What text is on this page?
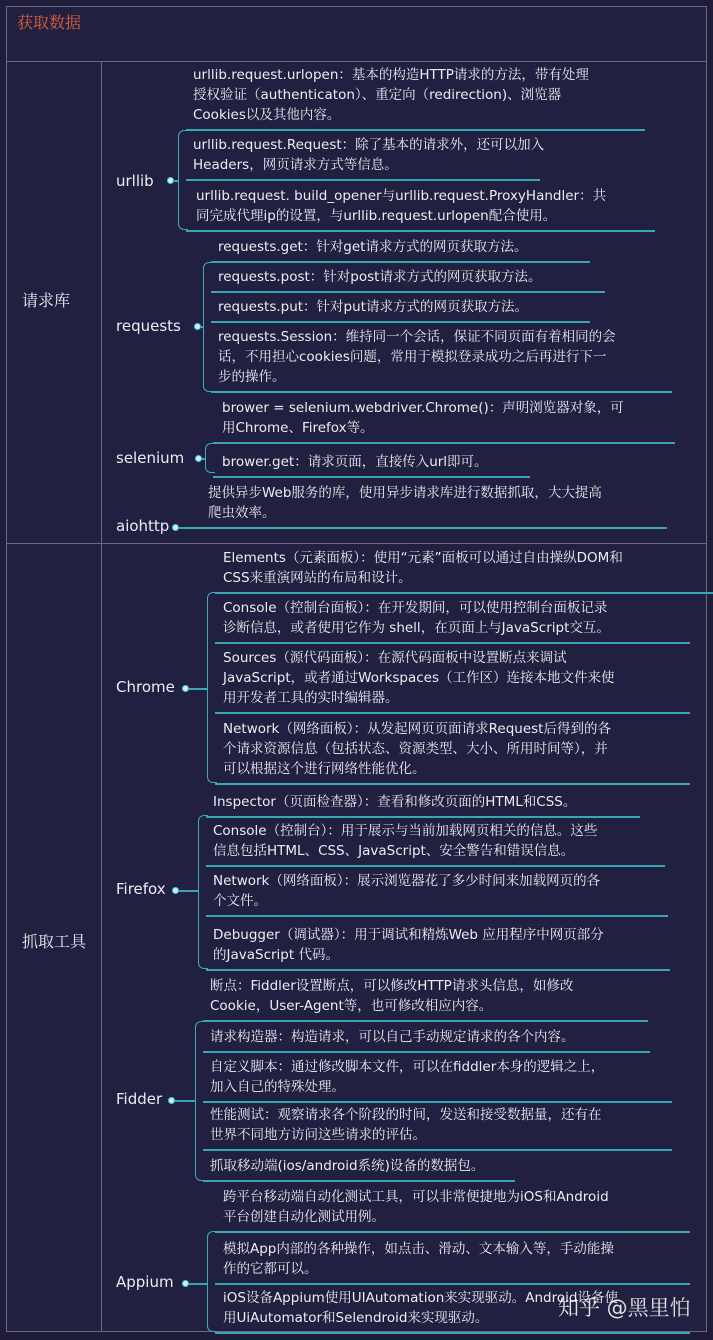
获取数据
请求库
抓取工具
urllib
urllib.request.urlopen：基本的构造HTTP请求的方法，带有处理
授权验证（authenticaton）、重定向（redirection)、浏览器
Cookies以及其他内容。
urllib.request.Request：除了基本的请求外，还可以加入
Headers，网页请求方式等信息。
urllib.request. build_opener与urllib.request.ProxyHandler：共
同完成代理ip的设置，与urllib.request.urlopen配合使用。
requests
requests.get：针对get请求方式的网页获取方法。
requests.post：针对post请求方式的网页获取方法。
requests.put：针对put请求方式的网页获取方法。
requests.Session：维持同一个会话，保证不同页面有着相同的会
话，不用担心cookies问题，常用于模拟登录成功之后再进行下一
步的操作。
selenium
brower = selenium.webdriver.Chrome()：声明浏览器对象，可
用Chrome、Firefox等。
brower.get：请求页面，直接传入url即可。
aiohttp
提供异步Web服务的库，使用异步请求库进行数据抓取，大大提高
爬虫效率。
Chrome
Elements（元素面板）：使用“元素”面板可以通过自由操纵DOM和
CSS来重演网站的布局和设计。
Console（控制台面板）：在开发期间，可以使用控制台面板记录
诊断信息，或者使用它作为 shell，在页面上与JavaScript交互。
Sources（源代码面板）：在源代码面板中设置断点来调试
JavaScript，或者通过Workspaces（工作区）连接本地文件来使
用开发者工具的实时编辑器。
Network（网络面板）：从发起网页页面请求Request后得到的各
个请求资源信息（包括状态、资源类型、大小、所用时间等），并
可以根据这个进行网络性能优化。
Firefox
Inspector（页面检查器）：查看和修改页面的HTML和CSS。
Console（控制台）：用于展示与当前加载网页相关的信息。这些
信息包括HTML、CSS、JavaScript、安全警告和错误信息。
Network（网络面板）：展示浏览器花了多少时间来加载网页的各
个文件。
Debugger（调试器）：用于调试和精炼Web 应用程序中网页部分
的JavaScript 代码。
Fidder
断点：Fiddler设置断点，可以修改HTTP请求头信息，如修改
Cookie，User-Agent等，也可修改相应内容。
请求构造器：构造请求，可以自己手动规定请求的各个内容。
自定义脚本：通过修改脚本文件，可以在fiddler本身的逻辑之上，
加入自己的特殊处理。
性能测试：观察请求各个阶段的时间，发送和接受数据量，还有在
世界不同地方访问这些请求的评估。
抓取移动端(ios/android系统)设备的数据包。
Appium
跨平台移动端自动化测试工具，可以非常便捷地为iOS和Android
平台创建自动化测试用例。
模拟App内部的各种操作，如点击、滑动、文本输入等，手动能操
作的它都可以。
iOS设备Appium使用UIAutomation来实现驱动。Android设备使
用UiAutomator和Selendroid来实现驱动。	知乎 @黑里怕
